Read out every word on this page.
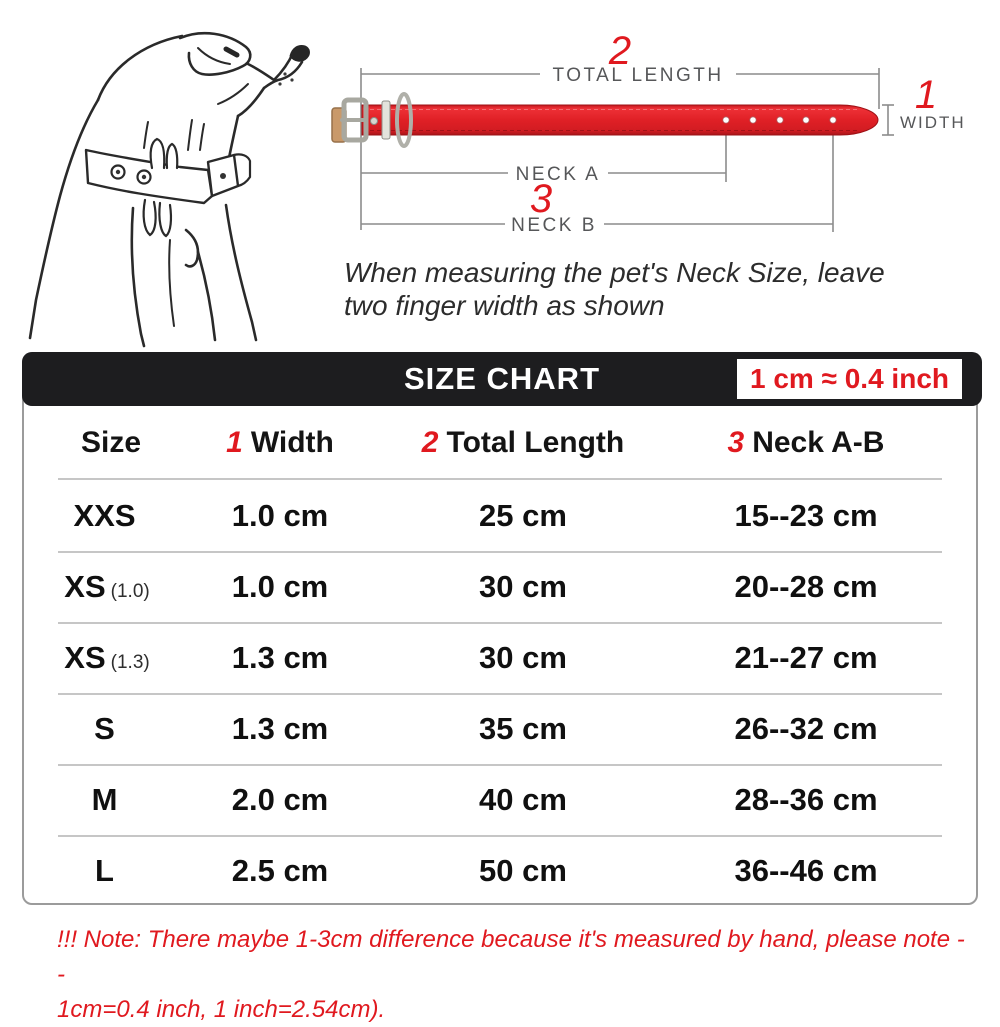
2
TOTAL LENGTH	1
WIDTH
NECK A
3
NECK B
When measuring the pet's Neck Size, leave
two finger width as shown
SIZE CHART	1 cm ≈ 0.4 inch
Size	1 Width	2 Total Length	3 Neck A-B
XXS	1.0 cm	25 cm	15--23 cm
XS (1.0)	1.0 cm	30 cm	20--28 cm
XS (1.3)	1.3 cm	30 cm	21--27 cm
S	1.3 cm	35 cm	26--32 cm
M	2.0 cm	40 cm	28--36 cm
L	2.5 cm	50 cm	36--46 cm
!!! Note: There maybe 1-3cm difference because it's measured by hand, please note --
1cm=0.4 inch, 1 inch=2.54cm).
